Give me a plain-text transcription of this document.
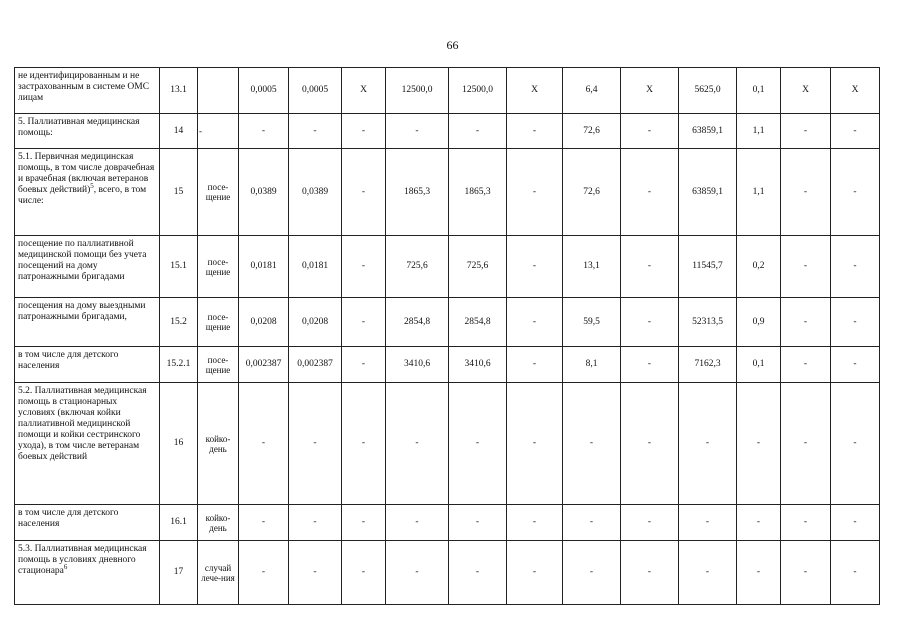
66
не идентифицированным и не застрахованным в системе ОМС лицам	13.1		0,0005	0,0005	X	12500,0	12500,0	X	6,4	X	5625,0	0,1	X	X
5. Паллиативная медицинская помощь:	14	-	-	-	-	-	-	-	72,6	-	63859,1	1,1	-	-
5.1. Первичная медицинская помощь, в том числе доврачебная и врачебная (включая ветеранов боевых действий)$^5$, всего, в том числе:	15	посе-щение	0,0389	0,0389	-	1865,3	1865,3	-	72,6	-	63859,1	1,1	-	-
посещение по паллиативной медицинской помощи без учета посещений на дому патронажными бригадами	15.1	посе-щение	0,0181	0,0181	-	725,6	725,6	-	13,1	-	11545,7	0,2	-	-
посещения на дому выездными патронажными бригадами,	15.2	посе-щение	0,0208	0,0208	-	2854,8	2854,8	-	59,5	-	52313,5	0,9	-	-
в том числе для детского населения	15.2.1	посе-щение	0,002387	0,002387	-	3410,6	3410,6	-	8,1	-	7162,3	0,1	-	-
5.2. Паллиативная медицинская помощь в стационарных условиях (включая койки паллиативной медицинской помощи и койки сестринского ухода), в том числе ветеранам боевых действий	16	койко-день	-	-	-	-	-	-	-	-	-	-	-	-
в том числе для детского населения	16.1	койко-день	-	-	-	-	-	-	-	-	-	-	-	-
5.3. Паллиативная медицинская помощь в условиях дневного стационара$^6$	17	случай лече-ния	-	-	-	-	-	-	-	-	-	-	-	-
